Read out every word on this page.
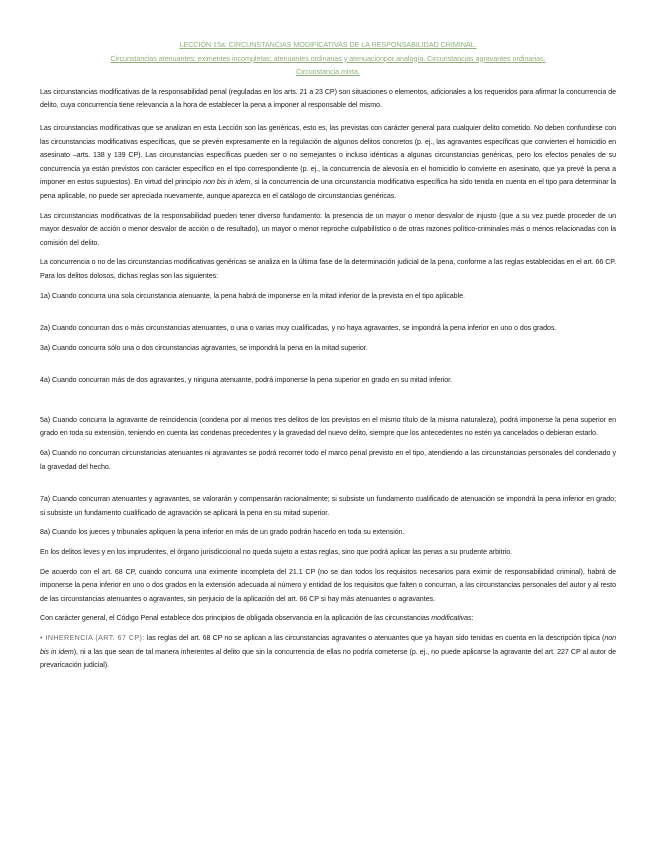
LECCIÓN 15a: CIRCUNSTANCIAS MODIFICATIVAS DE LA RESPONSABILIDAD CRIMINAL.

Circunstancias atenuantes: eximentes incompletas; atenuantes ordinarias y atenuaciónpor analogía. Circunstancias agravantes ordinarias.

Circunstancia mixta.

Las circunstancias modificativas de la responsabilidad penal (reguladas en los arts. 21 a 23 CP) son situaciones o elementos, adicionales a los requeridos para afirmar la concurrencia de delito, cuya concurrencia tiene relevancia a la hora de establecer la pena a imponer al responsable del mismo.

Las circunstancias modificativas que se analizan en esta Lección son las genéricas, esto es, las previstas con carácter general para cualquier delito cometido. No deben confundirse con las circunstancias modificativas específicas, que se prevén expresamente en la regulación de algunos delitos concretos (p. ej., las agravantes específicas que convierten el homicidio en asesinato –arts. 138 y 139 CP). Las circunstancias específicas pueden ser o no semejantes o incluso idénticas a algunas circunstancias genéricas, pero los efectos penales de su concurrencia ya están previstos con carácter específico en el tipo correspondiente (p. ej., la concurrencia de alevosía en el homicidio lo convierte en asesinato, que ya prevé la pena a imponer en estos supuestos). En virtud del principio non bis in idem, si la concurrencia de una circunstancia modificativa específica ha sido tenida en cuenta en el tipo para determinar la pena aplicable, no puede ser apreciada nuevamente, aunque aparezca en el catálogo de circunstancias genéricas.

Las circunstancias modificativas de la responsabilidad pueden tener diverso fundamento: la presencia de un mayor o menor desvalor de injusto (que a su vez puede proceder de un mayor desvalor de acción o menor desvalor de acción o de resultado), un mayor o menor reproche culpabilístico o de otras razones político-criminales más o menos relacionadas con la comisión del delito.

La concurrencia o no de las circunstancias modificativas genéricas se analiza en la última fase de la determinación judicial de la pena, conforme a las reglas establecidas en el art. 66 CP. Para los delitos dolosos, dichas reglas son las siguientes:

1a) Cuando concurra una sola circunstancia atenuante, la pena habrá de imponerse en la mitad inferior de la prevista en el tipo aplicable.

2a) Cuando concurran dos o más circunstancias atenuantes, o una o varias muy cualificadas, y no haya agravantes, se impondrá la pena inferior en uno o dos grados.

3a) Cuando concurra sólo una o dos circunstancias agravantes, se impondrá la pena en la mitad superior.

4a) Cuando concurran más de dos agravantes, y ninguna atenuante, podrá imponerse la pena superior en grado en su mitad inferior.

5a) Cuando concurra la agravante de reincidencia (condena por al menos tres delitos de los previstos en el mismo título de la misma naturaleza), podrá imponerse la pena superior en grado en toda su extensión, teniendo en cuenta las condenas precedentes y la gravedad del nuevo delito, siempre que los antecedentes no estén ya cancelados o debieran estarlo.

6a) Cuando no concurran circunstancias atenuantes ni agravantes se podrá recorrer todo el marco penal previsto en el tipo, atendiendo a las circunstancias personales del condenado y la gravedad del hecho.

7a) Cuando concurran atenuantes y agravantes, se valorarán y compensarán racionalmente; si subsiste un fundamento cualificado de atenuación se impondrá la pena inferior en grado; si subsiste un fundamento cualificado de agravación se aplicará la pena en su mitad superior.

8a) Cuando los jueces y tribunales apliquen la pena inferior en más de un grado podrán hacerlo en toda su extensión.

En los delitos leves y en los imprudentes, el órgano jurisdiccional no queda sujeto a estas reglas, sino que podrá aplicar las penas a su prudente arbitrio.

De acuerdo con el art. 68 CP, cuando concurra una eximente incompleta del 21.1 CP (no se dan todos los requisitos necesarios para eximir de responsabilidad criminal), habrá de imponerse la pena inferior en uno o dos grados en la extensión adecuada al número y entidad de los requisitos que falten o concurran, a las circunstancias personales del autor y al resto de las circunstancias atenuantes o agravantes, sin perjuicio de la aplicación del art. 66 CP si hay más atenuantes o agravantes.

Con carácter general, el Código Penal establece dos principios de obligada observancia en la aplicación de las circunstancias modificativas:

• INHERENCIA (ART. 67 CP): las reglas del art. 68 CP no se aplican a las circunstancias agravantes o atenuantes que ya hayan sido tenidas en cuenta en la descripción típica (non bis in idem), ni a las que sean de tal manera inherentes al delito que sin la concurrencia de ellas no podría cometerse (p. ej., no puede aplicarse la agravante del art. 227 CP al autor de prevaricación judicial).
